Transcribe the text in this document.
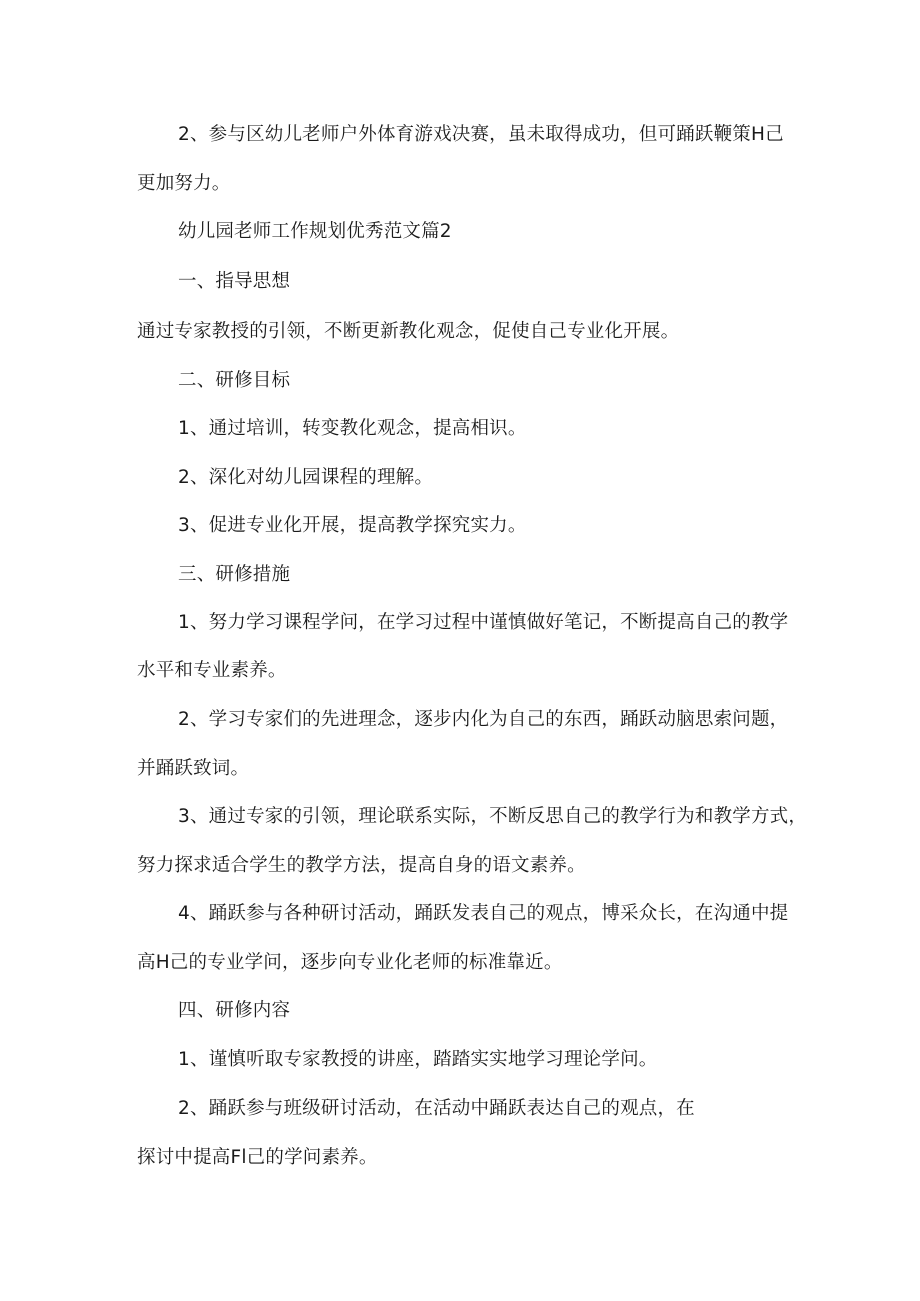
2、参与区幼儿老师户外体育游戏决赛，虽未取得成功，但可踊跃鞭策H己
更加努力。
幼儿园老师工作规划优秀范文篇2
一、指导思想
通过专家教授的引领，不断更新教化观念，促使自己专业化开展。
二、研修目标
1、通过培训，转变教化观念，提高相识。
2、深化对幼儿园课程的理解。
3、促进专业化开展，提高教学探究实力。
三、研修措施
1、努力学习课程学问，在学习过程中谨慎做好笔记，不断提高自己的教学
水平和专业素养。
2、学习专家们的先进理念，逐步内化为自己的东西，踊跃动脑思索问题，
并踊跃致词。
3、通过专家的引领，理论联系实际，不断反思自己的教学行为和教学方式，
努力探求适合学生的教学方法，提高自身的语文素养。
4、踊跃参与各种研讨活动，踊跃发表自己的观点，博采众长，在沟通中提
高H己的专业学问，逐步向专业化老师的标准靠近。
四、研修内容
1、谨慎听取专家教授的讲座，踏踏实实地学习理论学问。
2、踊跃参与班级研讨活动，在活动中踊跃表达自己的观点，在
探讨中提高Fl己的学问素养。
